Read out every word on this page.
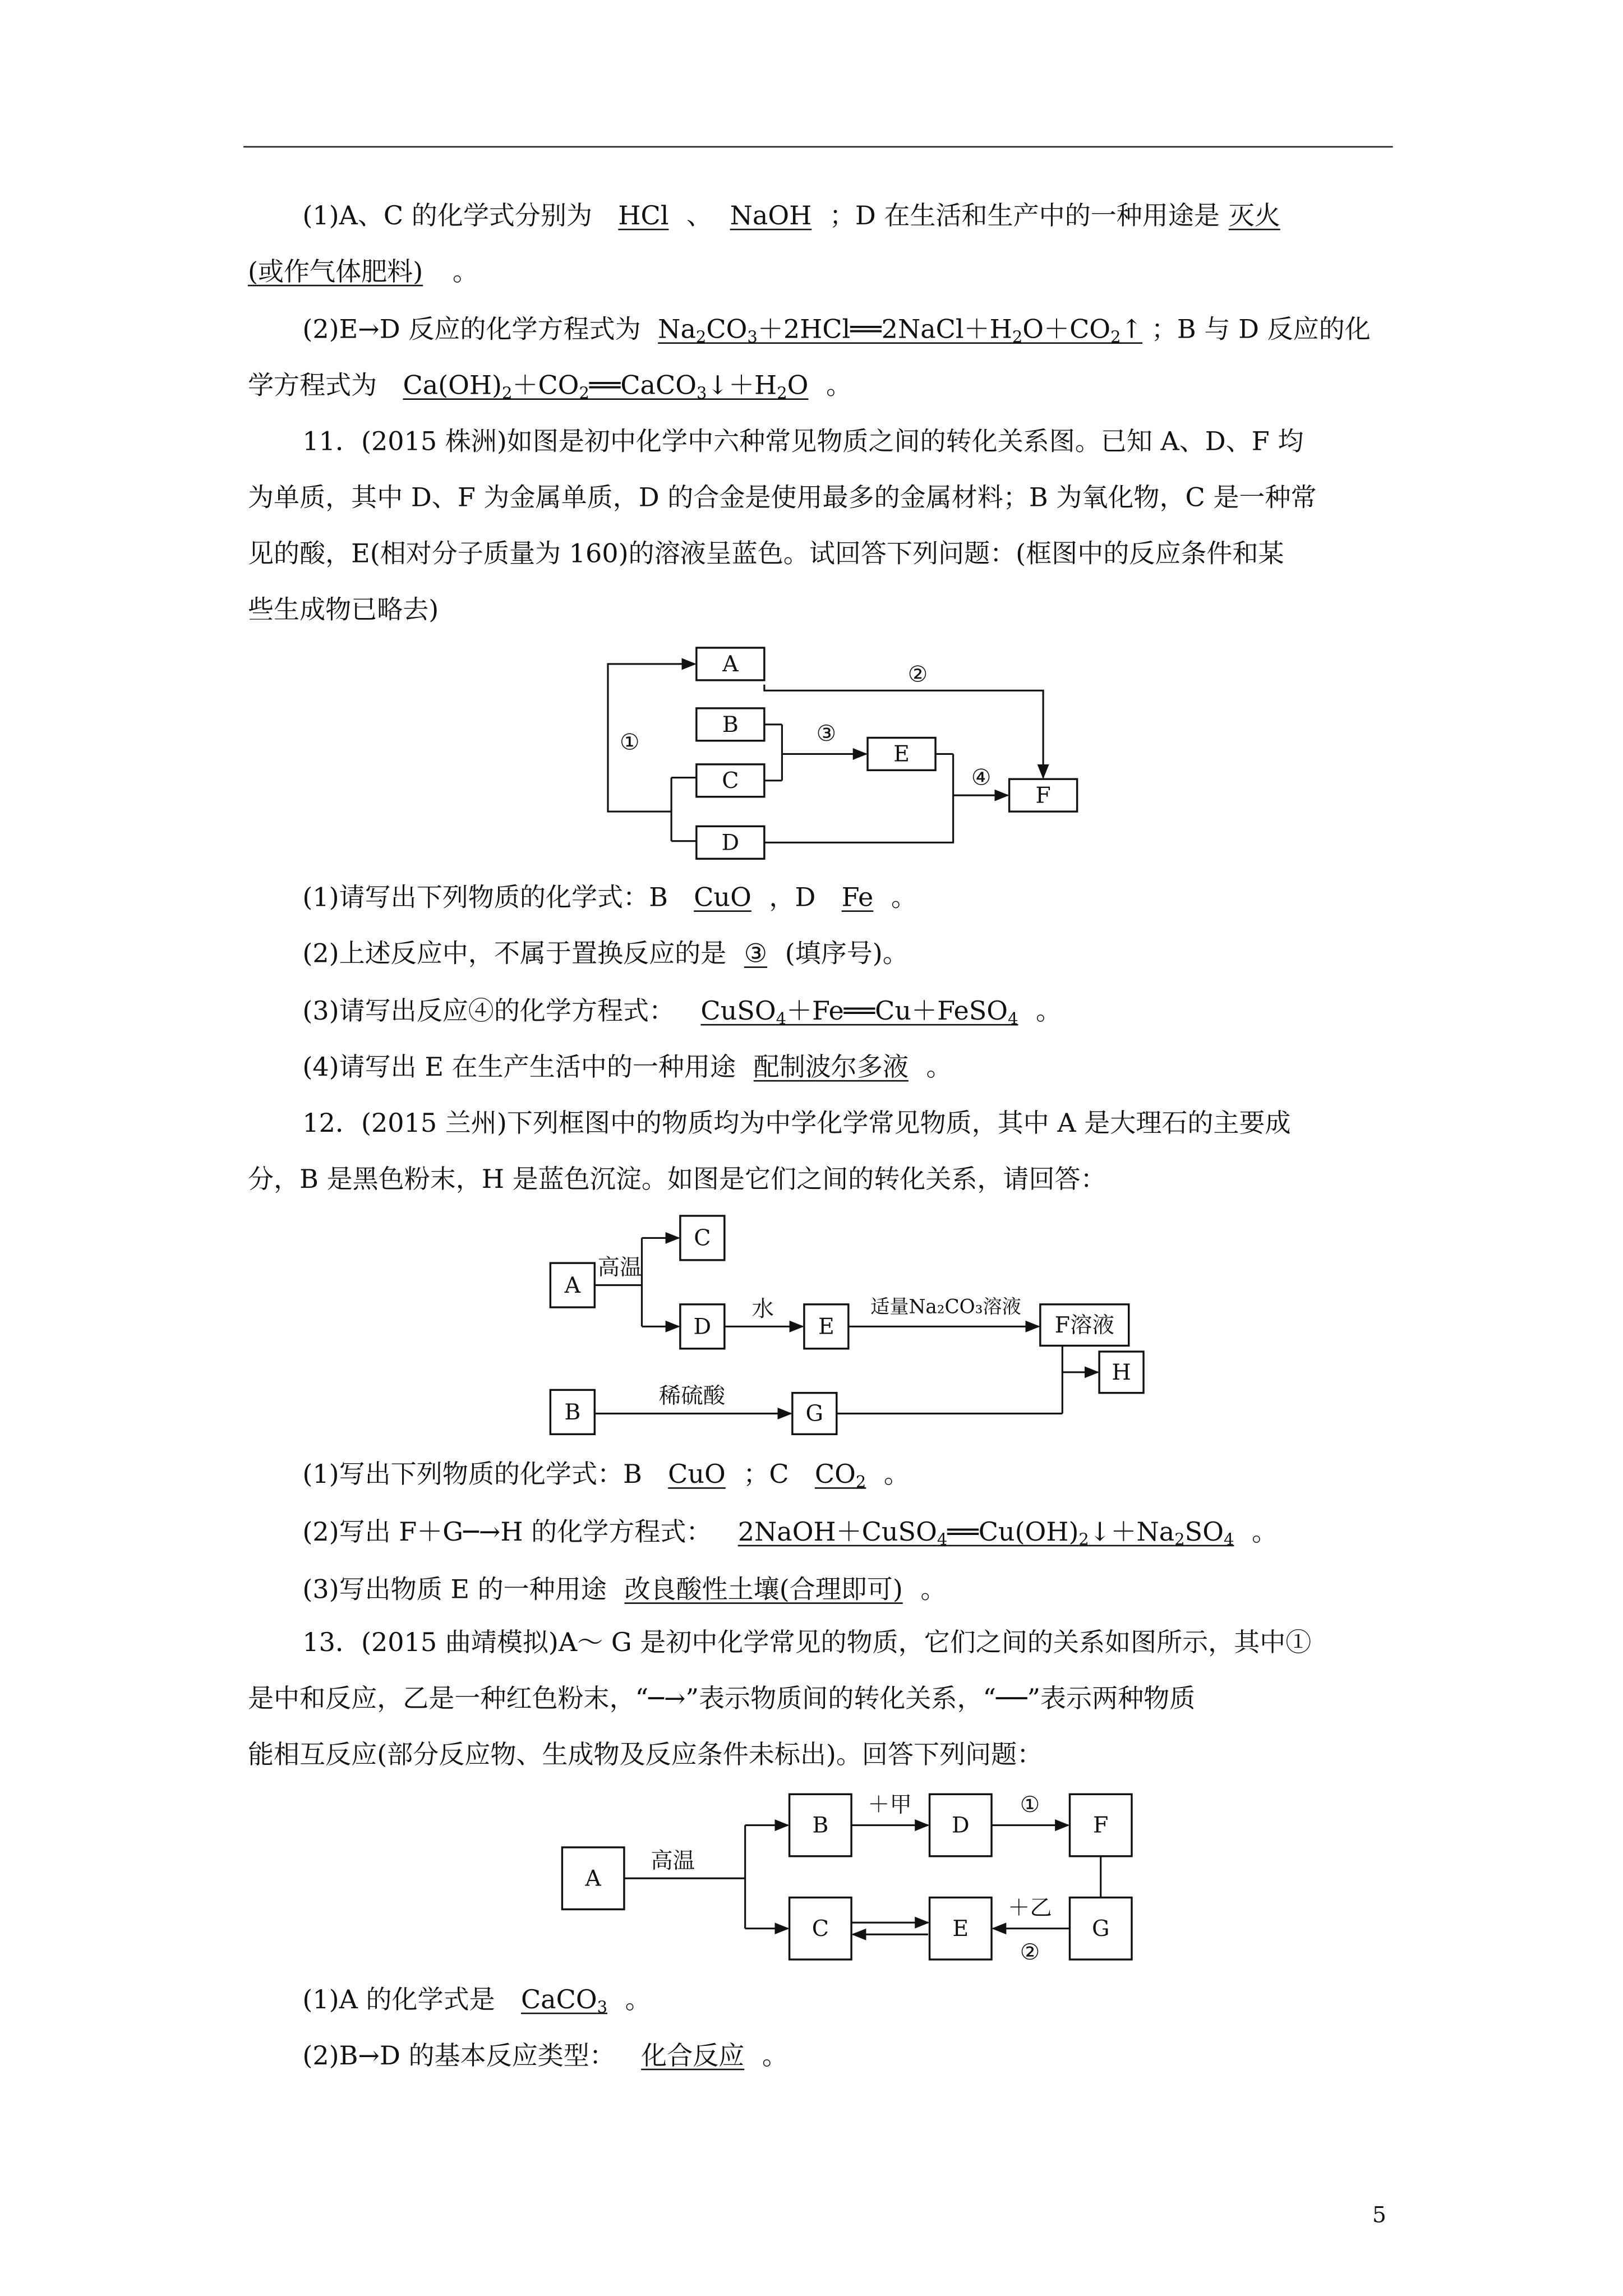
(1)A、C 的化学式分别为	HCl 、 NaOH ；D 在生活和生产中的一种用途是 灭火
(或作气体肥料)	。
(2)E→D 反应的化学方程式为 $Na_2CO_3+2HCl══2NaCl+H_2O+CO_2↑$ ；B 与 D 反应的化
学方程式为	$Ca(OH)_2+CO_2══CaCO_3↓+H_2O$ 。
11．(2015 株洲)如图是初中化学中六种常见物质之间的转化关系图。已知 A、D、F 均
为单质，其中 D、F 为金属单质，D 的合金是使用最多的金属材料；B 为氧化物，C 是一种常
见的酸，E(相对分子质量为 160)的溶液呈蓝色。试回答下列问题：(框图中的反应条件和某
些生成物已略去)
①
A
B
C
D
E
F
②
③
④
(1)请写出下列物质的化学式：B	CuO ，D	Fe 。
(2)上述反应中，不属于置换反应的是 ③ (填序号)。
(3)请写出反应④的化学方程式：	CuSO$_4$＋Fe══Cu＋FeSO$_4$ 。
(4)请写出 E 在生产生活中的一种用途 配制波尔多液 。
12．(2015 兰州)下列框图中的物质均为中学化学常见物质，其中 A 是大理石的主要成
分，B 是黑色粉末，H 是蓝色沉淀。如图是它们之间的转化关系，请回答：
A
C
D	E	F溶液
H
B	G
高温
水	适量Na₂CO₃溶液
稀硫酸
(1)写出下列物质的化学式：B	CuO ；C	$CO_2$ 。
(2)写出 F＋G─→H 的化学方程式：	$2NaOH+CuSO_4══Cu(OH)_2↓+Na_2SO_4$ 。
(3)写出物质 E 的一种用途 改良酸性土壤(合理即可) 。
13．(2015 曲靖模拟)A～ G 是初中化学常见的物质，它们之间的关系如图所示，其中①
是中和反应，乙是一种红色粉末，“─→”表示物质间的转化关系，“──”表示两种物质
能相互反应(部分反应物、生成物及反应条件未标出)。回答下列问题：
A
B	D	F
C	E	G
高温
＋甲	①
＋乙
②
(1)A 的化学式是	CaCO$_3$ 。
(2)B→D 的基本反应类型：	化合反应 。
5
